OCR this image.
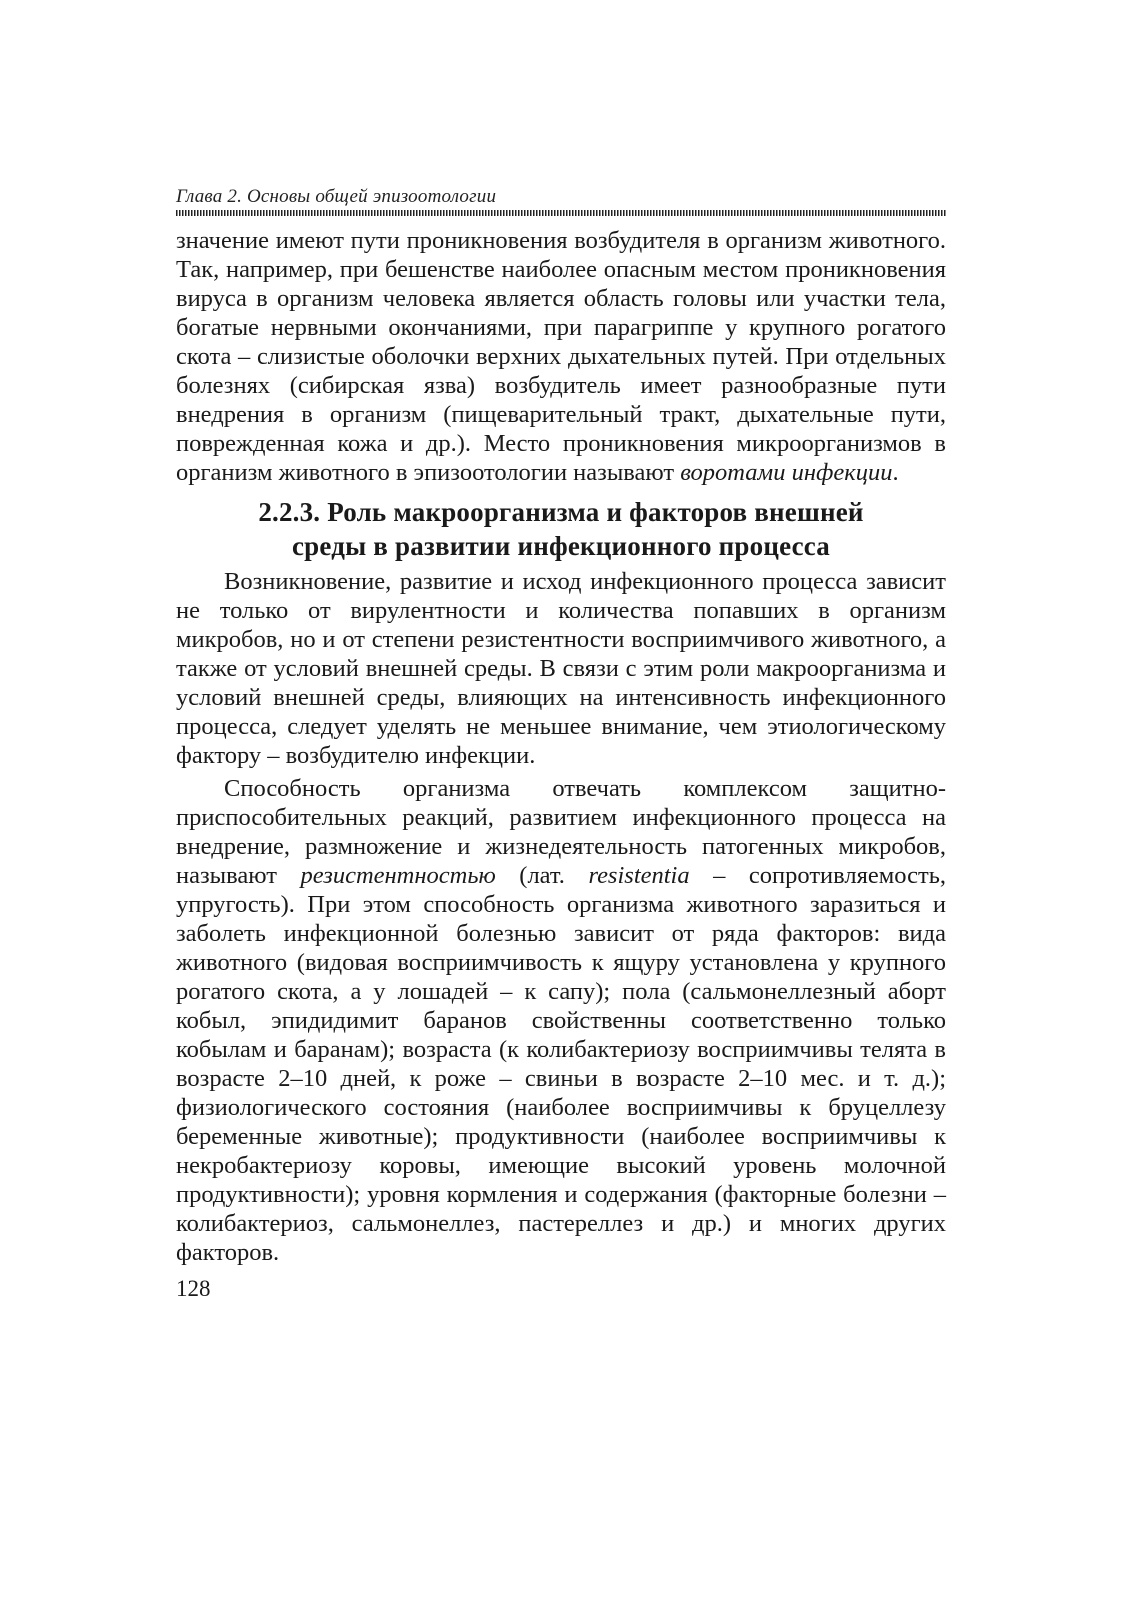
Глава 2. Основы общей эпизоотологии

значение имеют пути проникновения возбудителя в организм животного. Так, например, при бешенстве наиболее опасным местом проникновения вируса в организм человека является область головы или участки тела, богатые нервными окончаниями, при парагриппе у крупного рогатого скота – слизистые оболочки верхних дыхательных путей. При отдельных болезнях (сибирская язва) возбудитель имеет разнообразные пути внедрения в организм (пищеварительный тракт, дыхательные пути, поврежденная кожа и др.). Место проникновения микроорганизмов в организм животного в эпизоотологии называют воротами инфекции.

2.2.3. Роль макроорганизма и факторов внешней
среды в развитии инфекционного процесса

Возникновение, развитие и исход инфекционного процесса зависит не только от вирулентности и количества попавших в организм микробов, но и от степени резистентности восприимчивого животного, а также от условий внешней среды. В связи с этим роли макроорганизма и условий внешней среды, влияющих на интенсивность инфекционного процесса, следует уделять не меньшее внимание, чем этиологическому фактору – возбудителю инфекции.

Способность организма отвечать комплексом защитно-приспособительных реакций, развитием инфекционного процесса на внедрение, размножение и жизнедеятельность патогенных микробов, называют резистентностью (лат. resistentia – сопротивляемость, упругость). При этом способность организма животного заразиться и заболеть инфекционной болезнью зависит от ряда факторов: вида животного (видовая восприимчивость к ящуру установлена у крупного рогатого скота, а у лошадей – к сапу); пола (сальмонеллезный аборт кобыл, эпидидимит баранов свойственны соответственно только кобылам и баранам); возраста (к колибактериозу восприимчивы телята в возрасте 2–10 дней, к роже – свиньи в возрасте 2–10 мес. и т. д.); физиологического состояния (наиболее восприимчивы к бруцеллезу беременные животные); продуктивности (наиболее восприимчивы к некробактериозу коровы, имеющие высокий уровень молочной продуктивности); уровня кормления и содержания (факторные болезни – колибактериоз, сальмонеллез, пастереллез и др.) и многих других факторов.

128
